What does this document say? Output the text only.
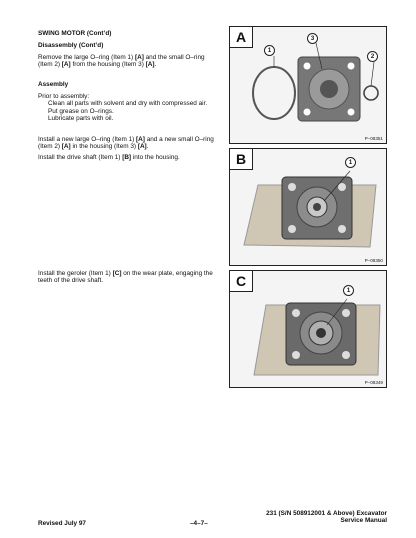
SWING MOTOR (Cont’d)
Disassembly (Cont’d)
Remove the large O–ring (Item 1) [A] and the small O–ring (Item 2) [A] from the housing (Item 3) [A].
Assembly
Prior to assembly:
Clean all parts with solvent and dry with compressed air.
Put grease on O–rings.
Lubricate parts with oil.
Install a new large O–ring (Item 1) [A] and a new small O–ring (Item 2) [A] in the housing (Item 3) [A].
Install the drive shaft (Item 1) [B] into the housing.
Install the geroler (Item 1) [C] on the wear plate, engaging the teeth of the drive shaft.
A
1
3
2
P–08351
B	1
P–08350
C
1
P–08349
Revised July 97	–4–7–
231 (S/N 508912001 & Above) Excavator
Service Manual
